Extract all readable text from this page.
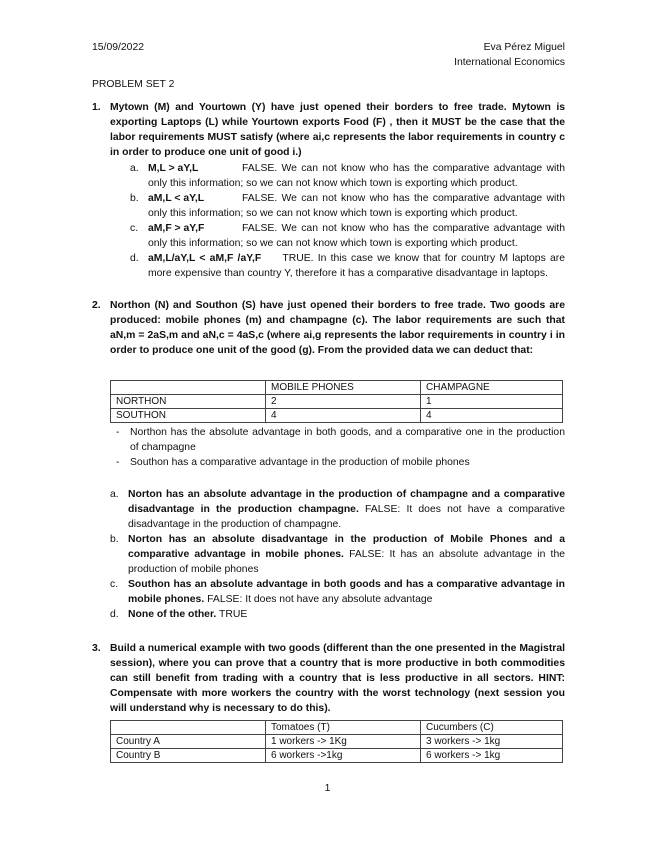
15/09/2022	Eva Pérez Miguel
International Economics
PROBLEM SET 2
1. Mytown (M) and Yourtown (Y) have just opened their borders to free trade. Mytown is exporting Laptops (L) while Yourtown exports Food (F) , then it MUST be the case that the labor requirements MUST satisfy (where ai,c represents the labor requirements in country c in order to produce one unit of good i.)
a. M,L > aY,L	FALSE. We can not know who has the comparative advantage with only this information; so we can not know which town is exporting which product.
b. aM,L < aY,L	FALSE. We can not know who has the comparative advantage with only this information; so we can not know which town is exporting which product.
c. aM,F > aY,F	FALSE. We can not know who has the comparative advantage with only this information; so we can not know which town is exporting which product.
d. aM,L/aY,L < aM,F /aY,F TRUE. In this case we know that for country M laptops are more expensive than country Y, therefore it has a comparative disadvantage in laptops.
2. Northon (N) and Southon (S) have just opened their borders to free trade. Two goods are produced: mobile phones (m) and champagne (c). The labor requirements are such that aN,m = 2aS,m and aN,c = 4aS,c (where ai,g represents the labor requirements in country i in order to produce one unit of the good (g). From the provided data we can deduct that:
	MOBILE PHONES	CHAMPAGNE
NORTHON	2	1
SOUTHON	4	4
- Northon has the absolute advantage in both goods, and a comparative one in the production of champagne
- Southon has a comparative advantage in the production of mobile phones
a. Norton has an absolute advantage in the production of champagne and a comparative disadvantage in the production champagne. FALSE: It does not have a comparative disadvantage in the production of champagne.
b. Norton has an absolute disadvantage in the production of Mobile Phones and a comparative advantage in mobile phones. FALSE: It has an absolute advantage in the production of mobile phones
c. Southon has an absolute advantage in both goods and has a comparative advantage in mobile phones. FALSE: It does not have any absolute advantage
d. None of the other. TRUE
3. Build a numerical example with two goods (different than the one presented in the Magistral session), where you can prove that a country that is more productive in both commodities can still benefit from trading with a country that is less productive in all sectors. HINT: Compensate with more workers the country with the worst technology (next session you will understand why is necessary to do this).
	Tomatoes (T)	Cucumbers (C)
Country A	1 workers -> 1Kg	3 workers -> 1kg
Country B	6 workers ->1kg	6 workers -> 1kg
1
